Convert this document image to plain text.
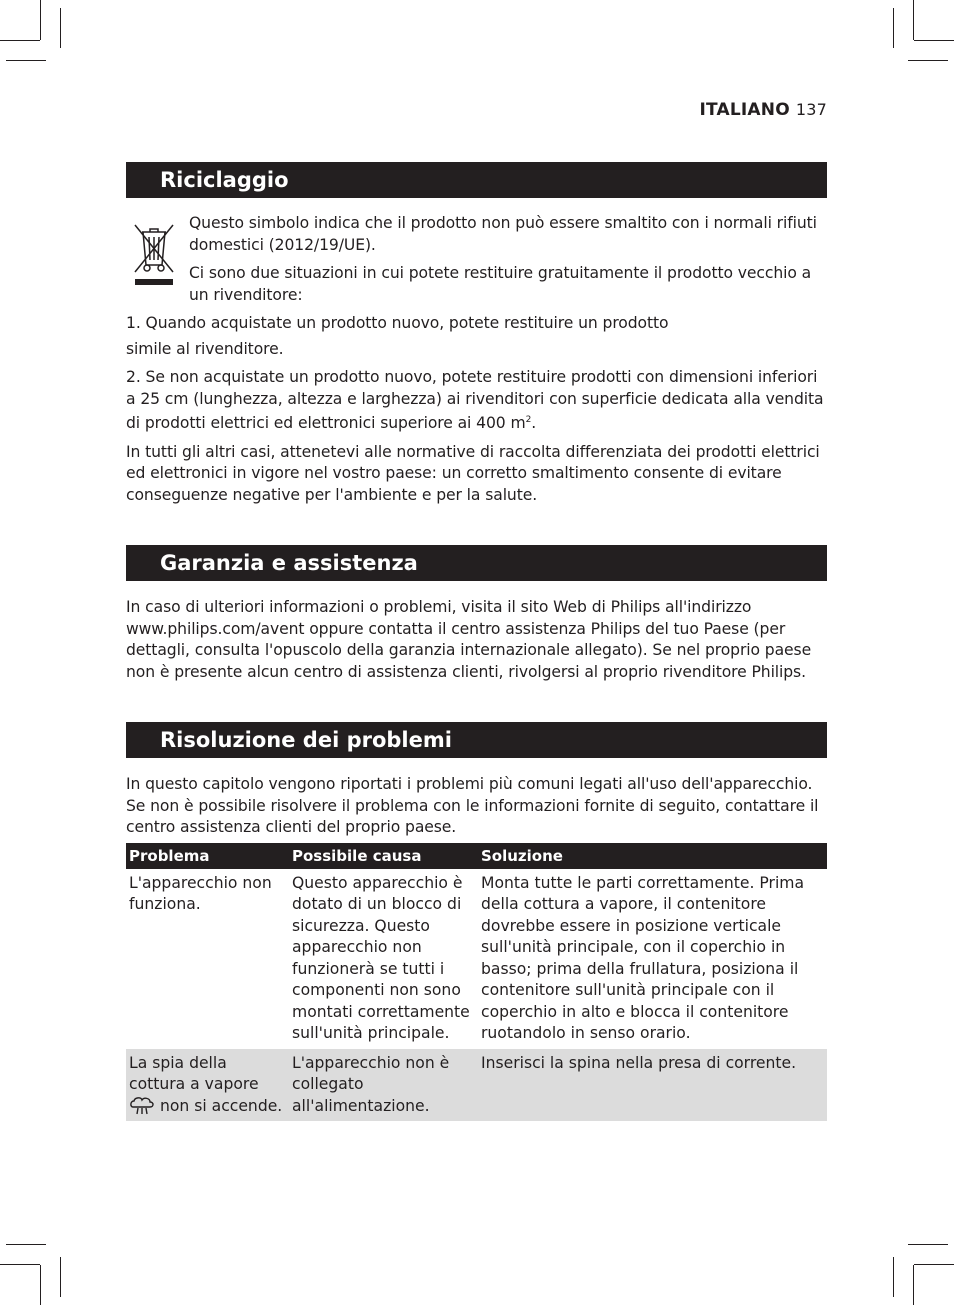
ITALIANO 137
Riciclaggio

Questo simbolo indica che il prodotto non può essere smaltito con i normali rifiuti domestici (2012/19/UE).

Ci sono due situazioni in cui potete restituire gratuitamente il prodotto vecchio a un rivenditore:

1. Quando acquistate un prodotto nuovo, potete restituire un prodotto

simile al rivenditore.

2. Se non acquistate un prodotto nuovo, potete restituire prodotti con dimensioni inferiori a 25 cm (lunghezza, altezza e larghezza) ai rivenditori con superficie dedicata alla vendita di prodotti elettrici ed elettronici superiore ai 400 $m^2$.

In tutti gli altri casi, attenetevi alle normative di raccolta differenziata dei prodotti elettrici ed elettronici in vigore nel vostro paese: un corretto smaltimento consente di evitare conseguenze negative per l'ambiente e per la salute.

Garanzia e assistenza

In caso di ulteriori informazioni o problemi, visita il sito Web di Philips all'indirizzo www.philips.com/avent oppure contatta il centro assistenza Philips del tuo Paese (per dettagli, consulta l'opuscolo della garanzia internazionale allegato). Se nel proprio paese non è presente alcun centro di assistenza clienti, rivolgersi al proprio rivenditore Philips.

Risoluzione dei problemi

In questo capitolo vengono riportati i problemi più comuni legati all'uso dell'apparecchio. Se non è possibile risolvere il problema con le informazioni fornite di seguito, contattare il centro assistenza clienti del proprio paese.

Problema	Possibile causa	Soluzione
L'apparecchio non funziona.	Questo apparecchio è dotato di un blocco di sicurezza. Questo apparecchio non funzionerà se tutti i componenti non sono montati correttamente sull'unità principale.	Monta tutte le parti correttamente. Prima della cottura a vapore, il contenitore dovrebbe essere in posizione verticale sull'unità principale, con il coperchio in basso; prima della frullatura, posiziona il contenitore sull'unità principale con il coperchio in alto e blocca il contenitore ruotandolo in senso orario.
La spia della cottura a vapore
non si accende.	L'apparecchio non è collegato all'alimentazione.	Inserisci la spina nella presa di corrente.
